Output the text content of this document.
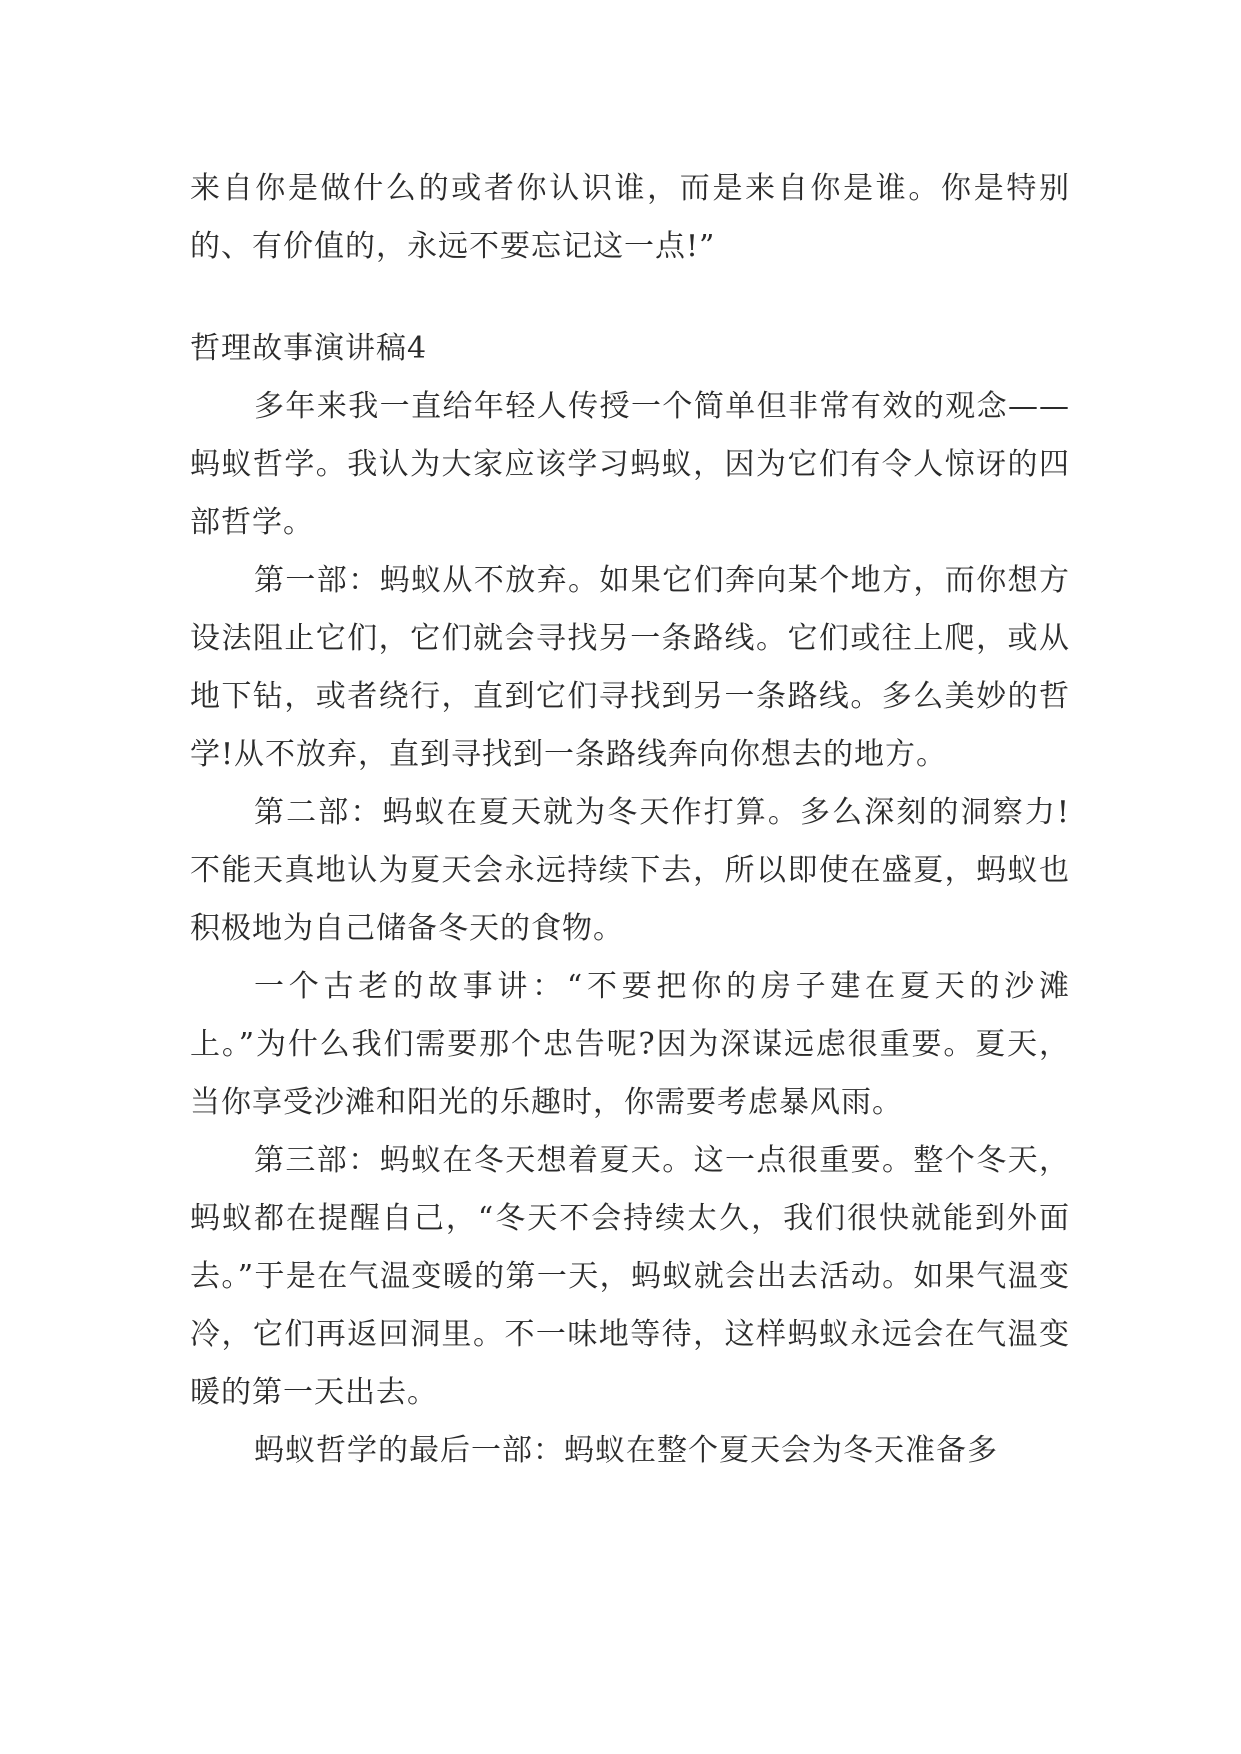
来自你是做什么的或者你认识谁，而是来自你是谁。你是特别的、有价值的，永远不要忘记这一点!”

哲理故事演讲稿4

多年来我一直给年轻人传授一个简单但非常有效的观念——蚂蚁哲学。我认为大家应该学习蚂蚁，因为它们有令人惊讶的四部哲学。

第一部：蚂蚁从不放弃。如果它们奔向某个地方，而你想方设法阻止它们，它们就会寻找另一条路线。它们或往上爬，或从地下钻，或者绕行，直到它们寻找到另一条路线。多么美妙的哲学!从不放弃，直到寻找到一条路线奔向你想去的地方。

第二部：蚂蚁在夏天就为冬天作打算。多么深刻的洞察力!不能天真地认为夏天会永远持续下去，所以即使在盛夏，蚂蚁也积极地为自己储备冬天的食物。

一个古老的故事讲：“不要把你的房子建在夏天的沙滩上。”为什么我们需要那个忠告呢?因为深谋远虑很重要。夏天，当你享受沙滩和阳光的乐趣时，你需要考虑暴风雨。

第三部：蚂蚁在冬天想着夏天。这一点很重要。整个冬天，蚂蚁都在提醒自己，“冬天不会持续太久，我们很快就能到外面去。”于是在气温变暖的第一天，蚂蚁就会出去活动。如果气温变冷，它们再返回洞里。不一味地等待，这样蚂蚁永远会在气温变暖的第一天出去。

蚂蚁哲学的最后一部：蚂蚁在整个夏天会为冬天准备多
